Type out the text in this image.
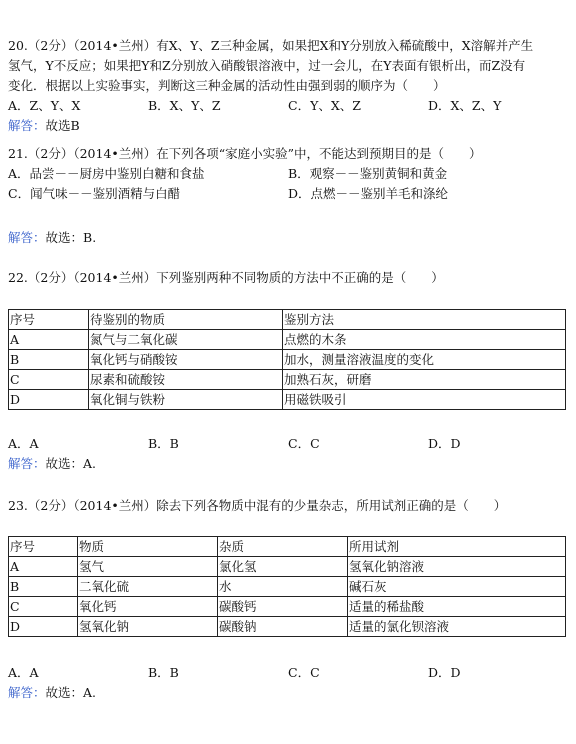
20.（2分）（2014•兰州）有X、Y、Z三种金属，如果把X和Y分别放入稀硫酸中，X溶解并产生
氢气，Y不反应；如果把Y和Z分别放入硝酸银溶液中，过一会儿，在Y表面有银析出，而Z没有
变化．根据以上实验事实，判断这三种金属的活动性由强到弱的顺序为（　　）
A．Z、Y、X	B．X、Y、Z	C．Y、X、Z	D．X、Z、Y
解答：故选B
21.（2分）（2014•兰州）在下列各项“家庭小实验”中，不能达到预期目的是（　　）
A．品尝－－厨房中鉴别白糖和食盐	B．观察－－鉴别黄铜和黄金
C．闻气味－－鉴别酒精与白醋	D．点燃－－鉴别羊毛和涤纶
解答：故选：B.
22.（2分）（2014•兰州）下列鉴别两种不同物质的方法中不正确的是（　　）
序号	待鉴别的物质	鉴别方法
A	氮气与二氧化碳	点燃的木条
B	氧化钙与硝酸铵	加水，测量溶液温度的变化
C	尿素和硫酸铵	加熟石灰，研磨
D	氧化铜与铁粉	用磁铁吸引
A．A	B．B	C．C	D．D
解答：故选：A.
23.（2分）（2014•兰州）除去下列各物质中混有的少量杂志，所用试剂正确的是（　　）
序号	物质	杂质	所用试剂
A	氢气	氯化氢	氢氧化钠溶液
B	二氧化硫	水	碱石灰
C	氧化钙	碳酸钙	适量的稀盐酸
D	氢氧化钠	碳酸钠	适量的氯化钡溶液
A．A	B．B	C．C	D．D
解答：故选：A.
